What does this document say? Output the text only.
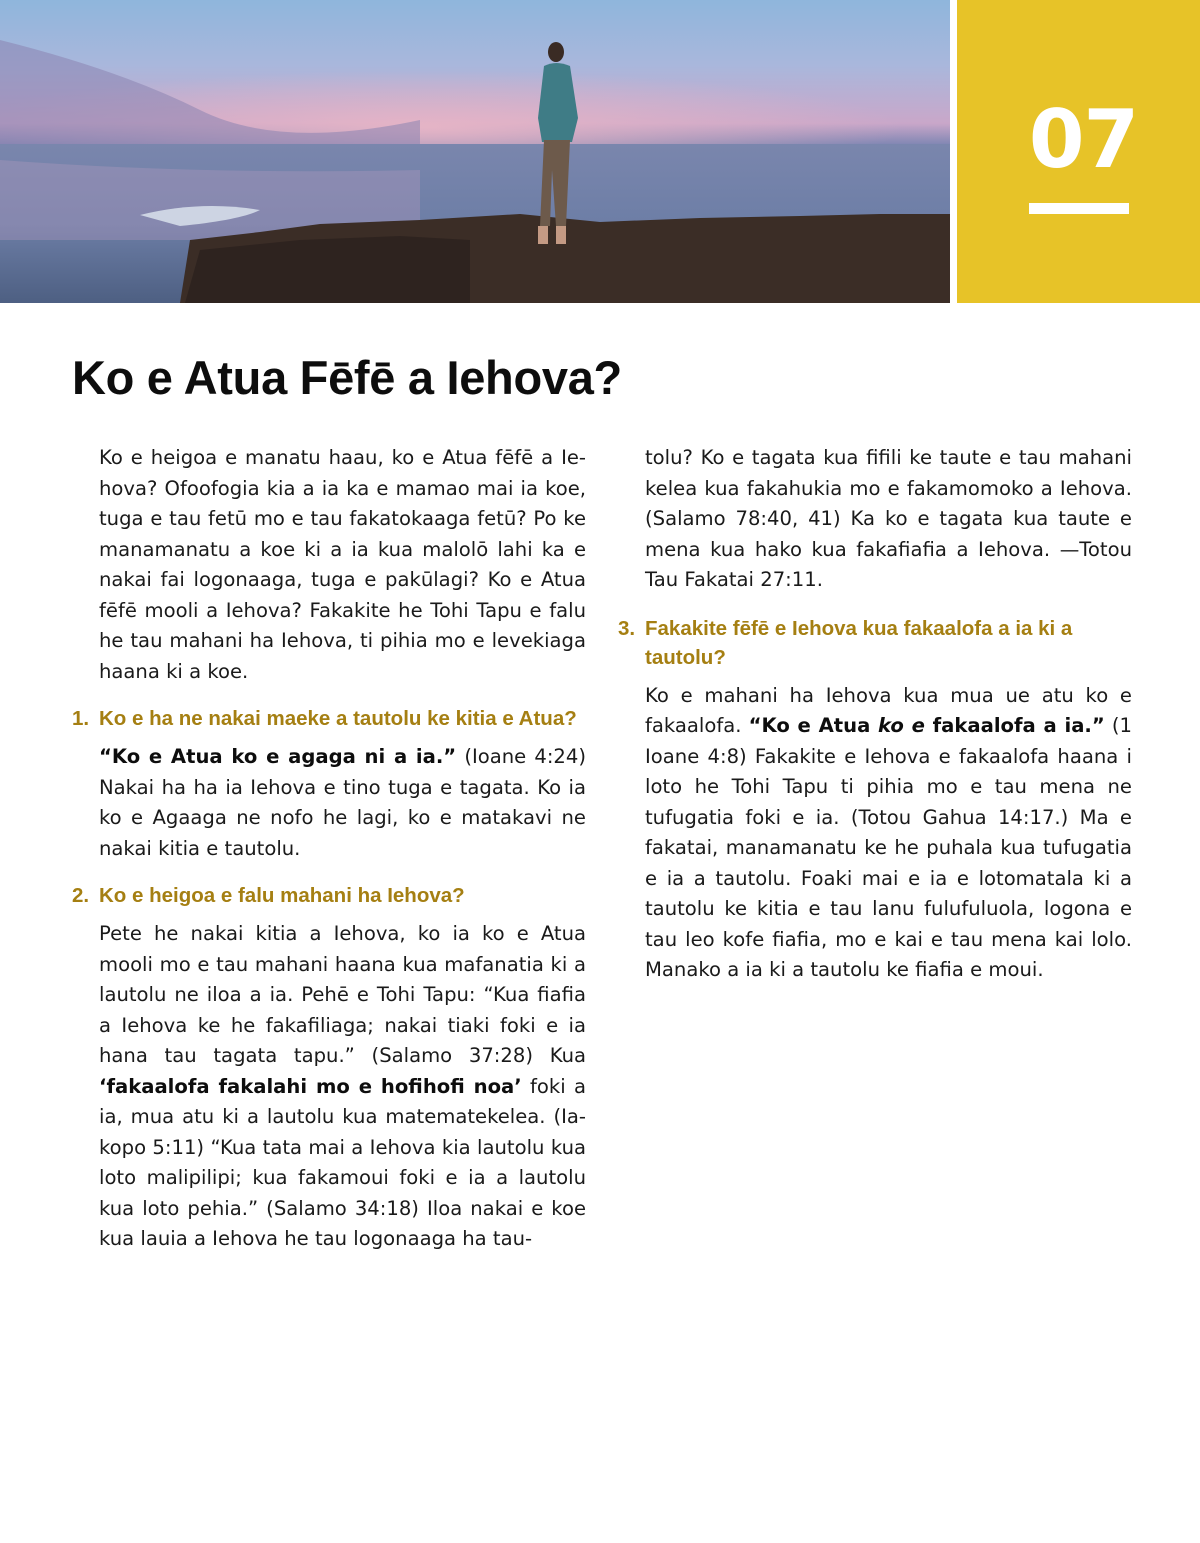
07
Ko e Atua Fēfē a Iehova?

Ko e heigoa e manatu haau, ko e Atua fēfē a Iehova? Ofoofogia kia a ia ka e mamao mai ia koe, tuga e tau fetū mo e tau fakatokaaga fetū? Po ke manamanatu a koe ki a ia kua malolō lahi ka e nakai fai logonaaga, tuga e pakūlagi? Ko e Atua fēfē mooli a Iehova? Fakakite he Tohi Tapu e falu he tau mahani ha Iehova, ti pihia mo e levekiaga haana ki a koe.

1. Ko e ha ne nakai maeke a tautolu ke kitia e Atua?

“Ko e Atua ko e agaga ni a ia.” (Ioane 4:24) Nakai ha ha ia Iehova e tino tuga e tagata. Ko ia ko e Agaaga ne nofo he lagi, ko e matakavi ne nakai kitia e tautolu.

2. Ko e heigoa e falu mahani ha Iehova?

Pete he nakai kitia a Iehova, ko ia ko e Atua mooli mo e tau mahani haana kua mafanatia ki a lautolu ne iloa a ia. Pehē e Tohi Tapu: “Kua fiafia a Iehova ke he fakafiliaga; nakai tiaki foki e ia hana tau tagata tapu.” (Salamo 37:28) Kua ‘fakaalofa fakalahi mo e hofihofi noa’ foki a ia, mua atu ki a lautolu kua matematekelea. (Iakopo 5:11) “Kua tata mai a Iehova kia lautolu kua loto malipilipi; kua fakamoui foki e ia a lautolu kua loto pehia.” (Salamo 34:18) Iloa nakai e koe kua lauia a Iehova he tau logonaaga ha tau-

tolu? Ko e tagata kua fifili ke taute e tau mahani kelea kua fakahukia mo e fakamomoko a Iehova. (Salamo 78:40, 41) Ka ko e tagata kua taute e mena kua hako kua fakafiafia a Iehova. —Totou Tau Fakatai 27:11.

3. Fakakite fēfē e Iehova kua fakaalofa a ia ki a tautolu?

Ko e mahani ha Iehova kua mua ue atu ko e fakaalofa. “Ko e Atua ko e fakaalofa a ia.” (1 Ioane 4:8) Fakakite e Iehova e fakaalofa haana i loto he Tohi Tapu ti pihia mo e tau mena ne tufugatia foki e ia. (Totou Gahua 14:17.) Ma e fakatai, manamanatu ke he puhala kua tufugatia e ia a tautolu. Foaki mai e ia e lotomatala ki a tautolu ke kitia e tau lanu fulufuluola, logona e tau leo kofe fiafia, mo e kai e tau mena kai lolo. Manako a ia ki a tautolu ke fiafia e moui.
